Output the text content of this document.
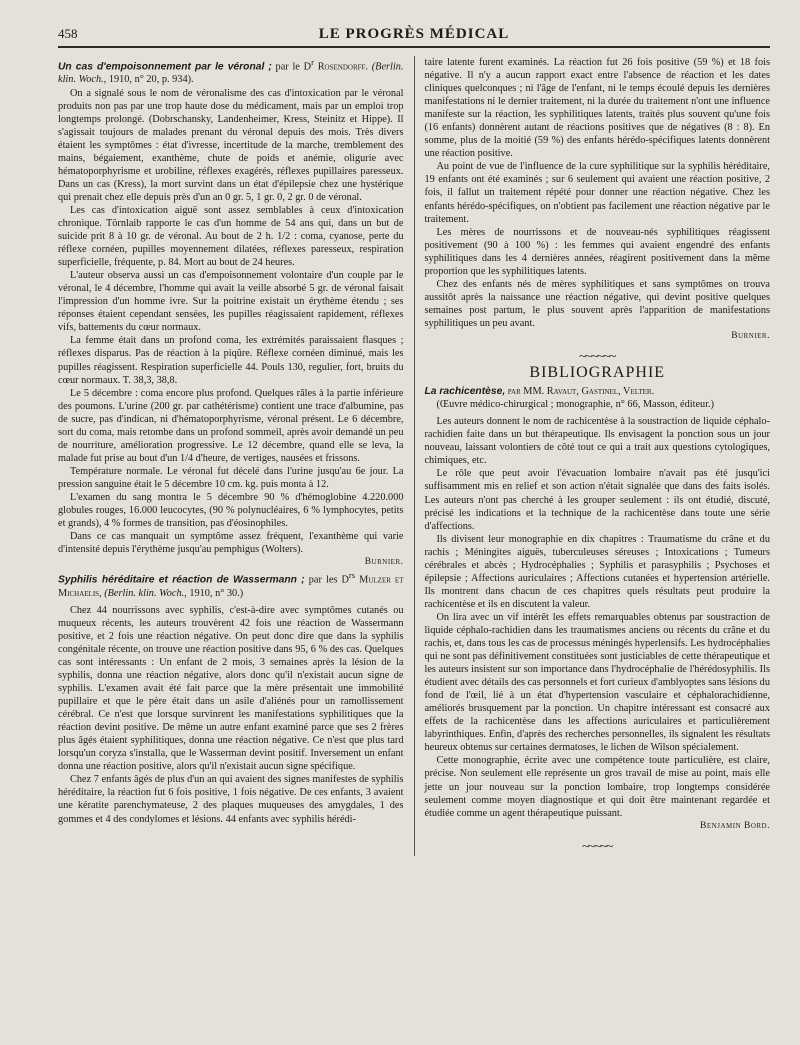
458	LE PROGRÈS MÉDICAL

Un cas d'empoisonnement par le véronal ; par le $D^r$ Rosendorff. (Berlin. klin. Woch., 1910, n° 20, p. 934).

On a signalé sous le nom de véronalisme des cas d'intoxication par le véronal produits non pas par une trop haute dose du médicament, mais par un emploi trop longtemps prolongé. (Dobrschansky, Landenheimer, Kress, Steinitz et Hippe). Il s'agissait toujours de malades prenant du véronal depuis des mois. Très divers étaient les symptômes : état d'ivresse, incertitude de la marche, tremblement des mains, bégaiement, exanthème, chute de poids et anémie, oligurie avec hématoporphyrisme et urobiline, réflexes exagérés, réflexes pupillaires paresseux. Dans un cas (Kress), la mort survint dans un état d'épilepsie chez une hystérique qui prenait chez elle depuis près d'un an 0 gr. 5, 1 gr. 0, 2 gr. 0 de véronal.

Les cas d'intoxication aiguë sont assez semblables à ceux d'intoxication chronique. Törnlaib rapporte le cas d'un homme de 54 ans qui, dans un but de suicide prit 8 à 10 gr. de véronal. Au bout de 2 h. 1/2 : coma, cyanose, perte du réflexe cornéen, pupilles moyennement dilatées, réflexes paresseux, respiration superficielle, fréquente, p. 84. Mort au bout de 24 heures.

L'auteur observa aussi un cas d'empoisonnement volontaire d'un couple par le véronal, le 4 décembre, l'homme qui avait la veille absorbé 5 gr. de véronal faisait l'impression d'un homme ivre. Sur la poitrine existait un érythème étendu ; ses réponses étaient cependant sensées, les pupilles réagissaient rapidement, réflexes vifs, battements du cœur normaux.

La femme était dans un profond coma, les extrémités paraissaient flasques ; réflexes disparus. Pas de réaction à la piqûre. Réflexe cornéen diminué, mais les pupilles réagissent. Respiration superficielle 44. Pouls 130, regulier, fort, bruits du cœur normaux. T. 38,3, 38,8.

Le 5 décembre : coma encore plus profond. Quelques râles à la partie inférieure des poumons. L'urine (200 gr. par cathétérisme) contient une trace d'albumine, pas de sucre, pas d'indican, ni d'hématoporphyrisme, véronal présent. Le 6 décembre, sort du coma, mais retombe dans un profond sommeil, après avoir demandé un peu de nourriture, amélioration progressive. Le 12 décembre, quand elle se leva, la malade fut prise au bout d'un 1/4 d'heure, de vertiges, nausées et frissons.

Température normale. Le véronal fut décelé dans l'urine jusqu'au 6e jour. La pression sanguine était le 5 décembre 10 cm. kg. puis monta à 12.

L'examen du sang montra le 5 décembre 90 % d'hémoglobine 4.220.000 globules rouges, 16.000 leucocytes, (90 % polynucléaires, 6 % lymphocytes, petits et grands), 4 % formes de transition, pas d'éosinophiles.

Dans ce cas manquait un symptôme assez fréquent, l'exanthème qui varie d'intensité depuis l'érythème jusqu'au pemphigus (Wolters).

Burnier.

Syphilis héréditaire et réaction de Wassermann ; par les $D^{rs}$ Mulzer et Michaelis, (Berlin. klin. Woch., 1910, n° 30.)

Chez 44 nourrissons avec syphilis, c'est-à-dire avec symptômes cutanés ou muqueux récents, les auteurs trouvèrent 42 fois une réaction de Wassermann positive, et 2 fois une réaction négative. On peut donc dire que dans la syphilis congénitale récente, on trouve une réaction positive dans 95, 6 % des cas. Quelques cas sont intéressants : Un enfant de 2 mois, 3 semaines après la lésion de la syphilis, donna une réaction négative, alors donc qu'il n'existait aucun signe de syphilis. L'examen avait été fait parce que la mère présentait une immobilité pupillaire et que le père était dans un asile d'aliénés pour un ramollissement cérébral. Ce n'est que lorsque survinrent les manifestations syphilitiques que la réaction devint positive. De même un autre enfant examiné parce que ses 2 frères plus âgés étaient syphilitiques, donna une réaction négative. Ce n'est que plus tard lorsqu'un coryza s'installa, que le Wasserman devint positif. Inversement un enfant donna une réaction positive, alors qu'il n'existait aucun signe spécifique.

Chez 7 enfants âgés de plus d'un an qui avaient des signes manifestes de syphilis héréditaire, la réaction fut 6 fois positive, 1 fois négative. De ces enfants, 3 avaient une kératite parenchymateuse, 2 des plaques muqueuses des amygdales, 1 des gommes et 4 des condylomes et lésions. 44 enfants avec syphilis hérédi-

taire latente furent examinés. La réaction fut 26 fois positive (59 %) et 18 fois négative. Il n'y a aucun rapport exact entre l'absence de réaction et les dates cliniques quelconques ; ni l'âge de l'enfant, ni le temps écoulé depuis les dernières manifestations ni le dernier traitement, ni la durée du traitement n'ont une influence manifeste sur la réaction, les syphilitiques latents, traités plus souvent qu'une fois (16 enfants) donnèrent autant de réactions positives que de négatives (8 : 8). En somme, plus de la moitié (59 %) des enfants hérédo-spécifiques latents donnèrent une réaction positive.

Au point de vue de l'influence de la cure syphilitique sur la syphilis héréditaire, 19 enfants ont été examinés ; sur 6 seulement qui avaient une réaction positive, 2 fois, il fallut un traitement répété pour donner une réaction négative. Chez les enfants hérédo-spécifiques, on n'obtient pas facilement une réaction négative par le traitement.

Les mères de nourrissons et de nouveau-nés syphilitiques réagissent positivement (90 à 100 %) : les femmes qui avaient engendré des enfants syphilitiques dans les 4 dernières années, réagirent positivement dans la même proportion que les syphilitiques latents.

Chez des enfants nés de mères syphilitiques et sans symptômes on trouva aussitôt après la naissance une réaction négative, qui devint positive quelques semaines post partum, le plus souvent après l'apparition de manifestations syphilitiques un peu avant.

Burnier.
~~~~~~
BIBLIOGRAPHIE

La rachicentèse, par MM. Ravaut, Gastinel, Velter.

(Œuvre médico-chirurgical ; monographie, n° 66, Masson, éditeur.)

Les auteurs donnent le nom de rachicentèse à la soustraction de liquide céphalo-rachidien faite dans un but thérapeutique. Ils envisagent la ponction sous un jour nouveau, laissant volontiers de côté tout ce qui a trait aux questions cytologiques, chimiques, etc.

Le rôle que peut avoir l'évacuation lombaire n'avait pas été jusqu'ici suffisamment mis en relief et son action n'était signalée que dans des faits isolés. Les auteurs n'ont pas cherché à les grouper seulement : ils ont étudié, discuté, précisé les indications et la technique de la rachicentèse dans toute une série d'affections.

Ils divisent leur monographie en dix chapitres : Traumatisme du crâne et du rachis ; Méningites aiguës, tuberculeuses séreuses ; Intoxications ; Tumeurs cérébrales et abcès ; Hydrocéphalies ; Syphilis et parasyphilis ; Psychoses et épilepsie ; Affections auriculaires ; Affections cutanées et hypertension artérielle. Ils montrent dans chacun de ces chapitres quels résultats peut produire la rachicentèse et ils en discutent la valeur.

On lira avec un vif intérêt les effets remarquables obtenus par soustraction de liquide céphalo-rachidien dans les traumatismes anciens ou récents du crâne et du rachis, et, dans tous les cas de processus méningés hyperlensifs. Les hydrocéphalies qui ne sont pas définitivement constituées sont justiciables de cette thérapeutique et les auteurs insistent sur son importance dans l'hydrocéphalie de l'hérédosyphilis. Ils étudient avec détails des cas personnels et fort curieux d'amblyoptes sans lésions du fond de l'œil, lié à un état d'hypertension vasculaire et céphalorachidienne, améliorés brusquement par la ponction. Un chapitre intéressant est consacré aux effets de la rachicentèse dans les affections auriculaires et particulièrement labyrinthiques. Enfin, d'après des recherches personnelles, ils signalent les résultats heureux obtenus sur certaines dermatoses, le lichen de Wilson spécialement.

Cette monographie, écrite avec une compétence toute particulière, est claire, précise. Non seulement elle représente un gros travail de mise au point, mais elle jette un jour nouveau sur la ponction lombaire, trop longtemps considérée seulement comme moyen diagnostique et qui doit être maintenant regardée et étudiée comme un agent thérapeutique puissant.

Benjamin Bord.
~~~~~
